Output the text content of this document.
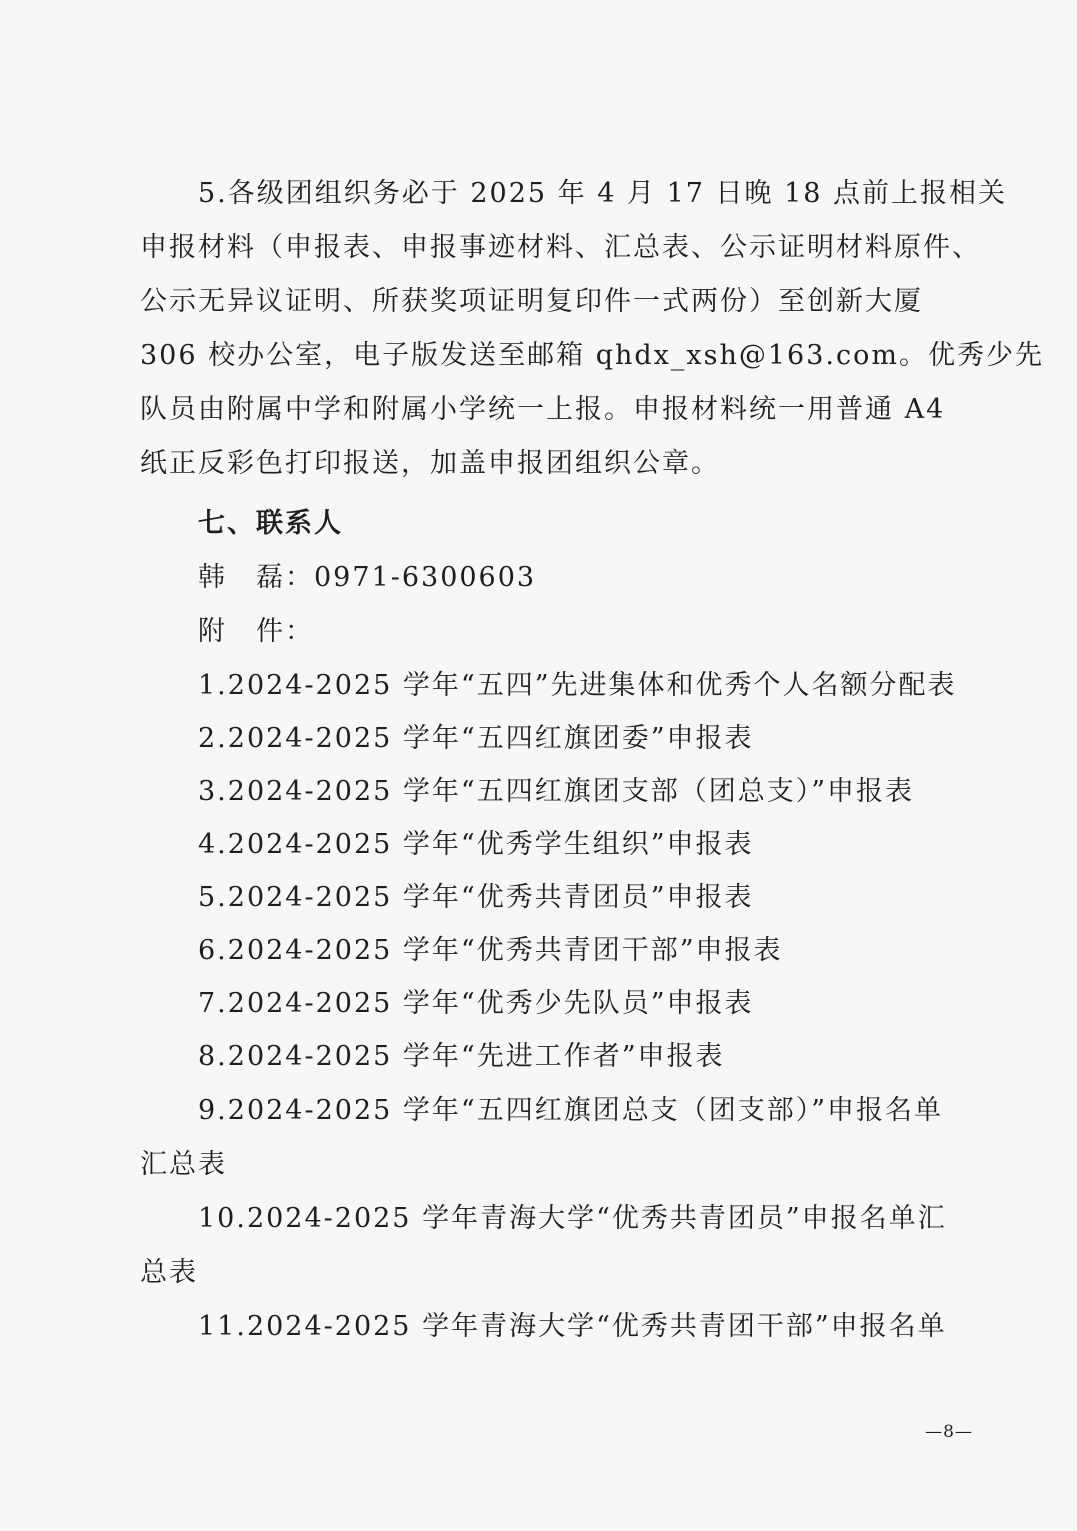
5.各级团组织务必于 2025 年 4 月 17 日晚 18 点前上报相关
申报材料（申报表、申报事迹材料、汇总表、公示证明材料原件、
公示无异议证明、所获奖项证明复印件一式两份）至创新大厦
306 校办公室，电子版发送至邮箱 qhdx_xsh@163.com。优秀少先
队员由附属中学和附属小学统一上报。申报材料统一用普通 A4
纸正反彩色打印报送，加盖申报团组织公章。
七、联系人
韩　磊：0971-6300603
附　件：
1.2024-2025 学年“五四”先进集体和优秀个人名额分配表
2.2024-2025 学年“五四红旗团委”申报表
3.2024-2025 学年“五四红旗团支部（团总支）”申报表
4.2024-2025 学年“优秀学生组织”申报表
5.2024-2025 学年“优秀共青团员”申报表
6.2024-2025 学年“优秀共青团干部”申报表
7.2024-2025 学年“优秀少先队员”申报表
8.2024-2025 学年“先进工作者”申报表
9.2024-2025 学年“五四红旗团总支（团支部）”申报名单
汇总表
10.2024-2025 学年青海大学“优秀共青团员”申报名单汇
总表
11.2024-2025 学年青海大学“优秀共青团干部”申报名单
—8—
